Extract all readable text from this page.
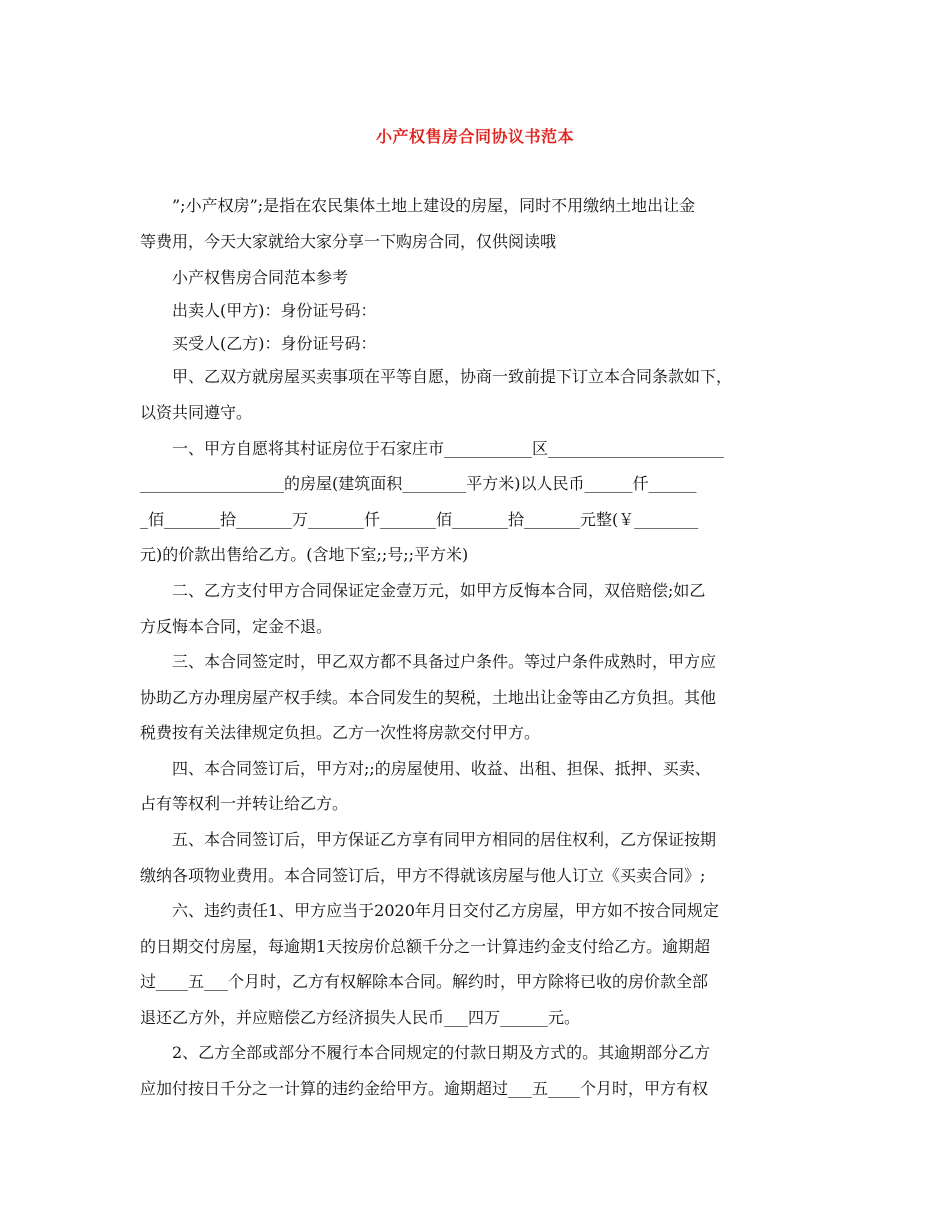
小产权售房合同协议书范本
　　”;小产权房”;是指在农民集体土地上建设的房屋，同时不用缴纳土地出让金
等费用，今天大家就给大家分享一下购房合同，仅供阅读哦
　　小产权售房合同范本参考
　　出卖人(甲方)：身份证号码：
　　买受人(乙方)：身份证号码：
　　甲、乙双方就房屋买卖事项在平等自愿，协商一致前提下订立本合同条款如下，
以资共同遵守。
　　一、甲方自愿将其村证房位于石家庄市___________区______________________
__________________的房屋(建筑面积________平方米)以人民币______仟______
_佰_______拾_______万_______仟_______佰_______拾_______元整(￥________
元)的价款出售给乙方。(含地下室;;号;;平方米)
　　二、乙方支付甲方合同保证定金壹万元，如甲方反悔本合同，双倍赔偿;如乙
方反悔本合同，定金不退。
　　三、本合同签定时，甲乙双方都不具备过户条件。等过户条件成熟时，甲方应
协助乙方办理房屋产权手续。本合同发生的契税，土地出让金等由乙方负担。其他
税费按有关法律规定负担。乙方一次性将房款交付甲方。
　　四、本合同签订后，甲方对;;的房屋使用、收益、出租、担保、抵押、买卖、
占有等权利一并转让给乙方。
　　五、本合同签订后，甲方保证乙方享有同甲方相同的居住权利，乙方保证按期
缴纳各项物业费用。本合同签订后，甲方不得就该房屋与他人订立《买卖合同》;
　　六、违约责任1、甲方应当于2020年月日交付乙方房屋，甲方如不按合同规定
的日期交付房屋，每逾期1天按房价总额千分之一计算违约金支付给乙方。逾期超
过____五___个月时，乙方有权解除本合同。解约时，甲方除将已收的房价款全部
退还乙方外，并应赔偿乙方经济损失人民币___四万______元。
　　2、乙方全部或部分不履行本合同规定的付款日期及方式的。其逾期部分乙方
应加付按日千分之一计算的违约金给甲方。逾期超过___五____个月时，甲方有权
